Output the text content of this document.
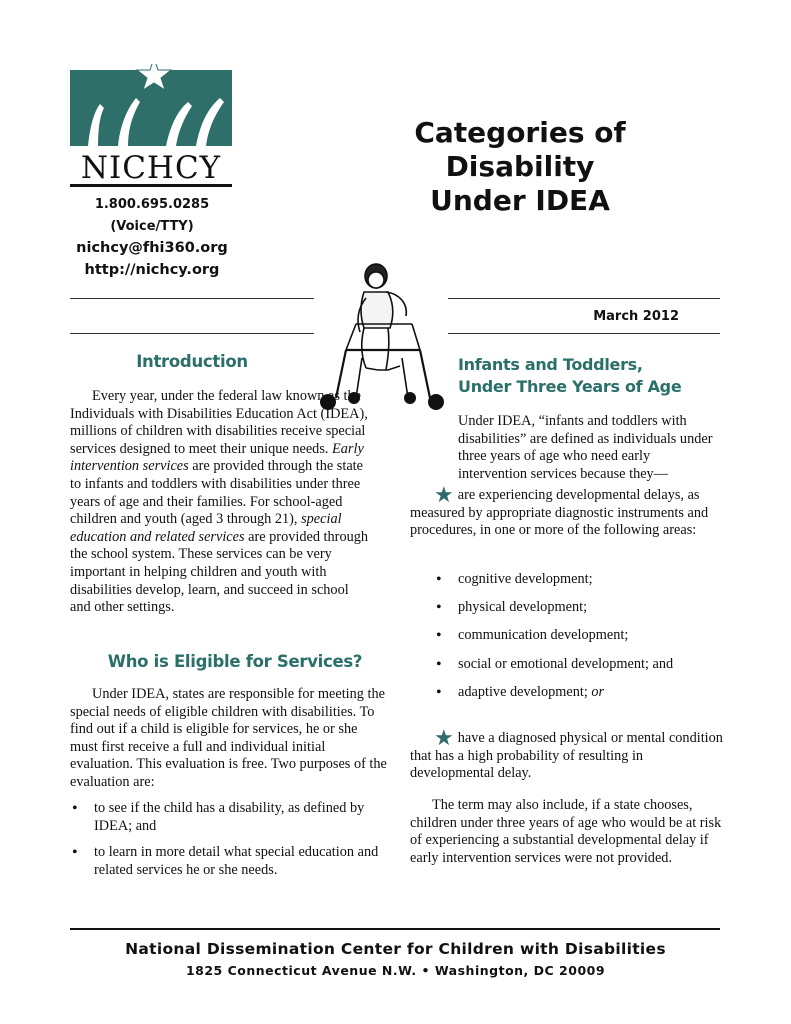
NICHCY
1.800.695.0285
(Voice/TTY)
nichcy@fhi360.org
http://nichcy.org
Categories of
Disability
Under IDEA
March 2012
Introduction

Every year, under the federal law known as the Individuals with Disabilities Education Act (IDEA), millions of children with disabilities receive special services designed to meet their unique needs. Early intervention services are provided through the state to infants and toddlers with disabilities under three years of age and their families. For school-aged children and youth (aged 3 through 21), special education and related services are provided through the school system. These services can be very important in helping children and youth with disabilities develop, learn, and succeed in school and other settings.

Who is Eligible for Services?

Under IDEA, states are responsible for meeting the special needs of eligible children with disabilities. To find out if a child is eligible for services, he or she must first receive a full and individual initial evaluation. This evaluation is free. Two purposes of the evaluation are:

• to see if the child has a disability, as defined by IDEA; and
• to learn in more detail what special education and related services he or she needs.
Infants and Toddlers,
Under Three Years of Age

Under IDEA, “infants and toddlers with disabilities” are defined as individuals under three years of age who need early intervention services because they—

★ are experiencing developmental delays, as measured by appropriate diagnostic instruments and procedures, in one or more of the following areas:

• cognitive development;
• physical development;
• communication development;
• social or emotional development; and
• adaptive development; or

★ have a diagnosed physical or mental condition that has a high probability of resulting in developmental delay.

The term may also include, if a state chooses, children under three years of age who would be at risk of experiencing a substantial developmental delay if early intervention services were not provided.

National Dissemination Center for Children with Disabilities
1825 Connecticut Avenue N.W. • Washington, DC 20009
